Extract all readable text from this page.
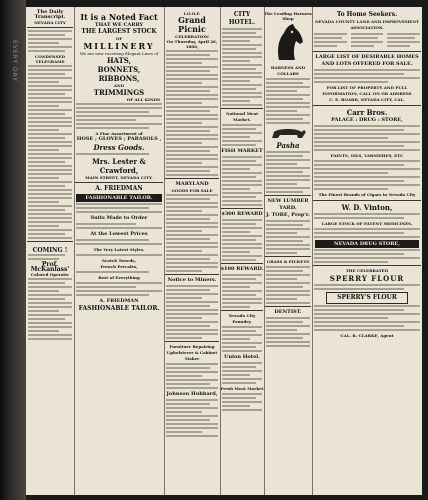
EVERY DAY
The Daily Transcript.
NEVADA CITY
CONDENSED TELEGRAMS
COMING !
Prof. McKanlass'
Colored Operatic
It is a Noted Fact
THAT WE CARRY
THE LARGEST STOCK
OF
MILLINERY
We are now receiving Elegant Lines of
HATS,
BONNETS,
RIBBONS,
AND
TRIMMINGS
OF ALL KINDS
A Fine Assortment of
HOSE ; GLOVES ; PARASOLS ,
Dress Goods.
Mrs. Lester & Crawford,
MAIN STREET, NEVADA CITY.
A. FRIEDMAN
FASHIONABLE TAILOR.
Suits Made to Order
At the Lowest Prices
The Very Latest Styles.
Scotch Tweeds,
French Percales,
Best of Everything
A. FRIEDMAN
FASHIONABLE TAILOR.
I.O.O.F.
Grand Picnic
CELEBRATION
On Thursday, April 26, 1888,
MARYLAND
GOODS FOR SALE
Notice to Miners.
Furniture Repairing
Upholsterer & Cabinet Maker
Johnson Hubbard,
CITY HOTEL.
National Meat Market.
FISH MARKET
$300 REWARD
$100 REWARD.
Nevada City Foundry.
Union Hotel.
Fresh Meat Market
The Leading Harness Shop
HARNESS AND COLLARS
Pasha
NEW LUMBER YARD.
J. TOBE, Prop'r.
GRASS & PICKETS
DENTIST.
To Home Seekers.
NEVADA COUNTY LAND AND IMPROVEMENT ASSOCIATION.
LARGE LIST OF DESIRABLE HOMES AND LOTS OFFERED FOR SALE.
FOR LIST OF PROPERTY AND FULL INFORMATION, CALL ON OR ADDRESS
C. E. BOARD, NEVADA CITY, CAL.
Carr Bros.
PALACE : DRUG : STORE,
PAINTS, OILS, VARNISHES, ETC
The Finest Brands of Cigars in Nevada City
W. D. Vinton,
LARGE STOCK OF PATENT MEDICINES.
NEVADA DRUG STORE,
THE CELEBRATED
SPERRY FLOUR
SPERRY'S FLOUR
CAL. R. CLARKE, Agent
